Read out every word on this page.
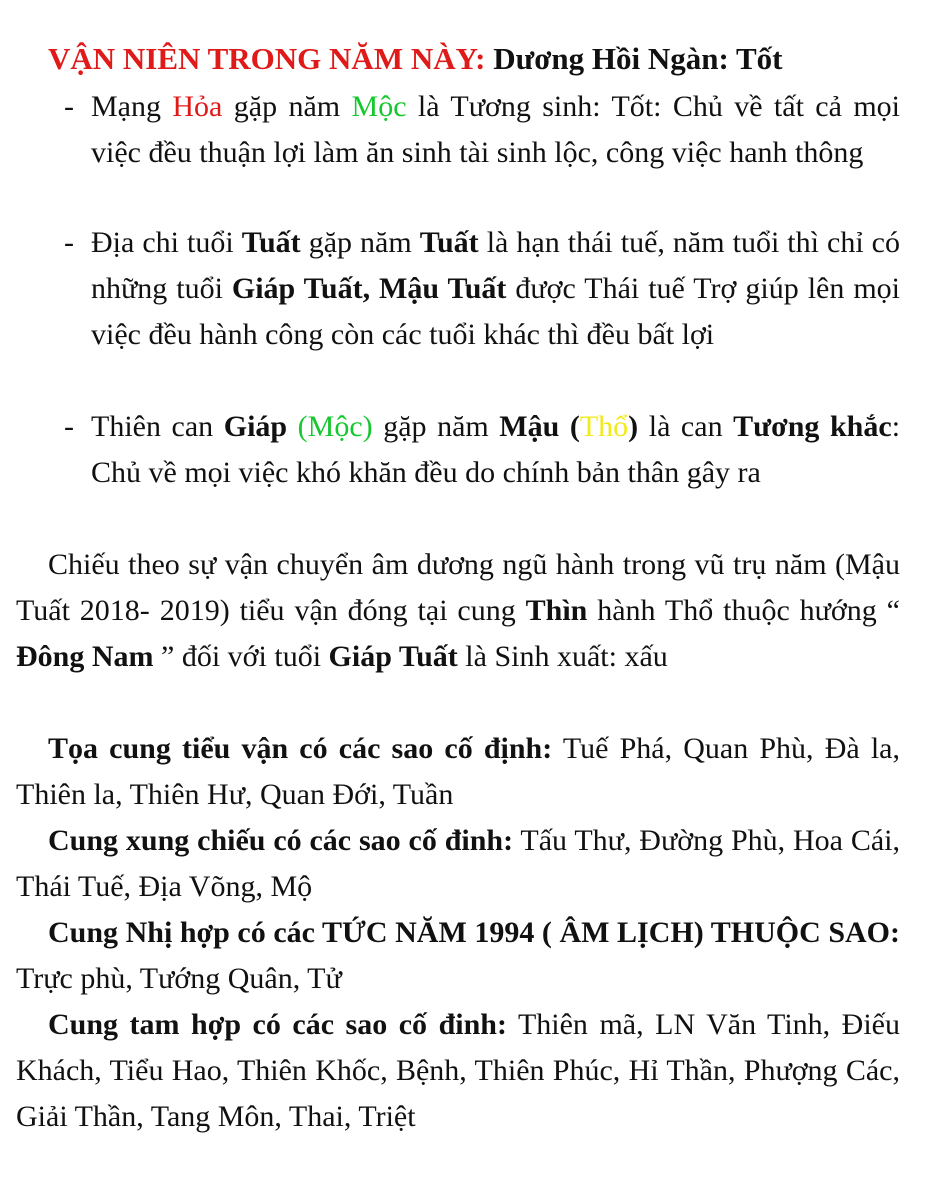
VẬN NIÊN TRONG NĂM NÀY: Dương Hồi Ngàn: Tốt
- Mạng Hỏa gặp năm Mộc là Tương sinh: Tốt: Chủ về tất cả mọi việc đều thuận lợi làm ăn sinh tài sinh lộc, công việc hanh thông
- Địa chi tuổi Tuất gặp năm Tuất là hạn thái tuế, năm tuổi thì chỉ có những tuổi Giáp Tuất, Mậu Tuất được Thái tuế Trợ giúp lên mọi việc đều hành công còn các tuổi khác thì đều bất lợi
- Thiên can Giáp (Mộc) gặp năm Mậu (Thổ) là can Tương khắc: Chủ về mọi việc khó khăn đều do chính bản thân gây ra
Chiếu theo sự vận chuyển âm dương ngũ hành trong vũ trụ năm (Mậu Tuất 2018- 2019) tiểu vận đóng tại cung Thìn hành Thổ thuộc hướng “ Đông Nam ” đối với tuổi Giáp Tuất là Sinh xuất: xấu
Tọa cung tiểu vận có các sao cố định: Tuế Phá, Quan Phù, Đà la, Thiên la, Thiên Hư, Quan Đới, Tuần
Cung xung chiếu có các sao cố đinh: Tấu Thư, Đường Phù, Hoa Cái, Thái Tuế, Địa Võng, Mộ
Cung Nhị hợp có các TỨC NĂM 1994 ( ÂM LỊCH) THUỘC SAO: Trực phù, Tướng Quân, Tử
Cung tam hợp có các sao cố đinh: Thiên mã, LN Văn Tinh, Điếu Khách, Tiểu Hao, Thiên Khốc, Bệnh, Thiên Phúc, Hỉ Thần, Phượng Các, Giải Thần, Tang Môn, Thai, Triệt
